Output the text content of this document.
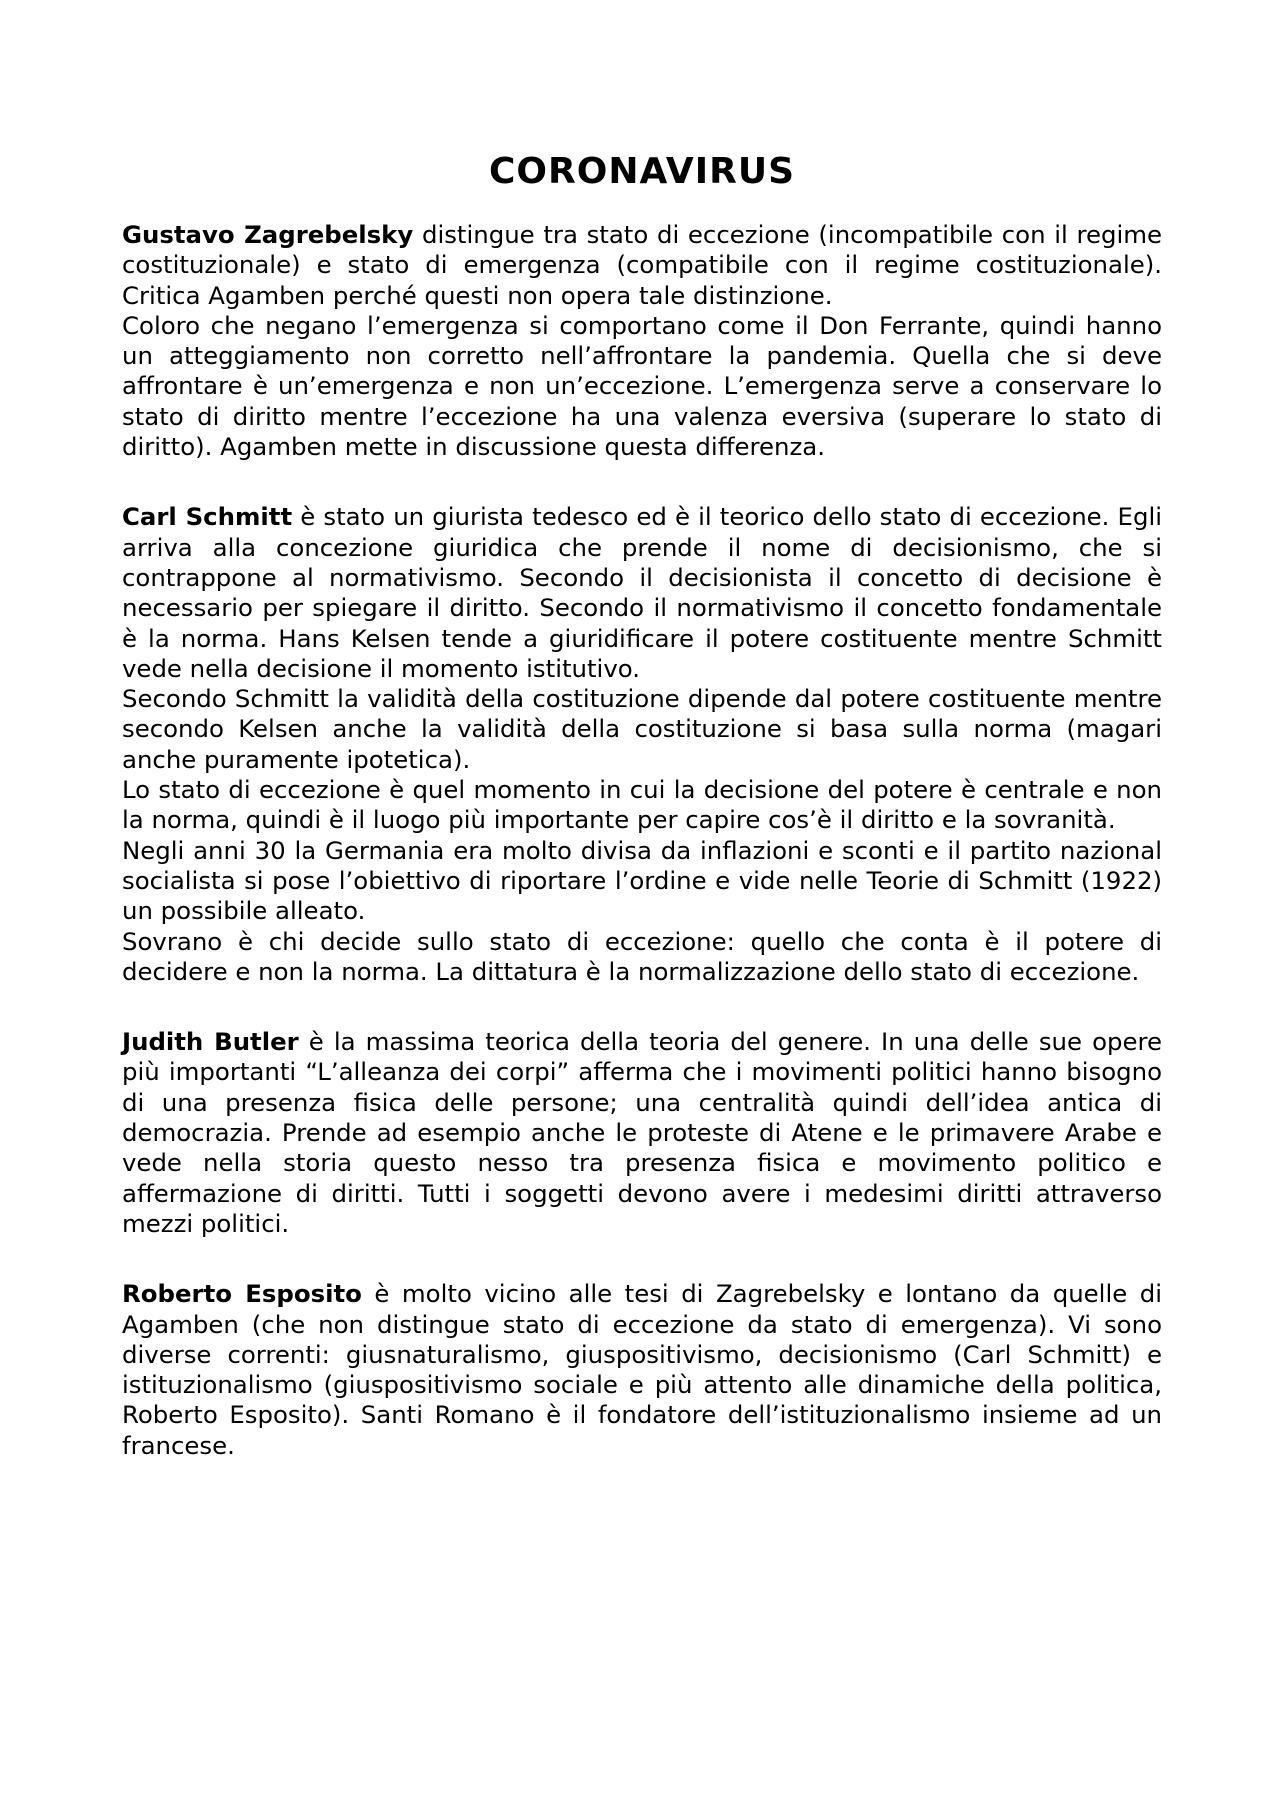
CORONAVIRUS

Gustavo Zagrebelsky distingue tra stato di eccezione (incompatibile con il regime costituzionale) e stato di emergenza (compatibile con il regime costituzionale). Critica Agamben perché questi non opera tale distinzione.

Coloro che negano l’emergenza si comportano come il Don Ferrante, quindi hanno un atteggiamento non corretto nell’affrontare la pandemia. Quella che si deve affrontare è un’emergenza e non un’eccezione. L’emergenza serve a conservare lo stato di diritto mentre l’eccezione ha una valenza eversiva (superare lo stato di diritto). Agamben mette in discussione questa differenza.

Carl Schmitt è stato un giurista tedesco ed è il teorico dello stato di eccezione. Egli arriva alla concezione giuridica che prende il nome di decisionismo, che si contrappone al normativismo. Secondo il decisionista il concetto di decisione è necessario per spiegare il diritto. Secondo il normativismo il concetto fondamentale è la norma. Hans Kelsen tende a giuridificare il potere costituente mentre Schmitt vede nella decisione il momento istitutivo.

Secondo Schmitt la validità della costituzione dipende dal potere costituente mentre secondo Kelsen anche la validità della costituzione si basa sulla norma (magari anche puramente ipotetica).

Lo stato di eccezione è quel momento in cui la decisione del potere è centrale e non la norma, quindi è il luogo più importante per capire cos’è il diritto e la sovranità.

Negli anni 30 la Germania era molto divisa da inflazioni e sconti e il partito nazional socialista si pose l’obiettivo di riportare l’ordine e vide nelle Teorie di Schmitt (1922) un possibile alleato.

Sovrano è chi decide sullo stato di eccezione: quello che conta è il potere di decidere e non la norma. La dittatura è la normalizzazione dello stato di eccezione.

Judith Butler è la massima teorica della teoria del genere. In una delle sue opere più importanti “L’alleanza dei corpi” afferma che i movimenti politici hanno bisogno di una presenza fisica delle persone; una centralità quindi dell’idea antica di democrazia. Prende ad esempio anche le proteste di Atene e le primavere Arabe e vede nella storia questo nesso tra presenza fisica e movimento politico e affermazione di diritti. Tutti i soggetti devono avere i medesimi diritti attraverso mezzi politici.

Roberto Esposito è molto vicino alle tesi di Zagrebelsky e lontano da quelle di Agamben (che non distingue stato di eccezione da stato di emergenza). Vi sono diverse correnti: giusnaturalismo, giuspositivismo, decisionismo (Carl Schmitt) e istituzionalismo (giuspositivismo sociale e più attento alle dinamiche della politica, Roberto Esposito). Santi Romano è il fondatore dell’istituzionalismo insieme ad un francese.
